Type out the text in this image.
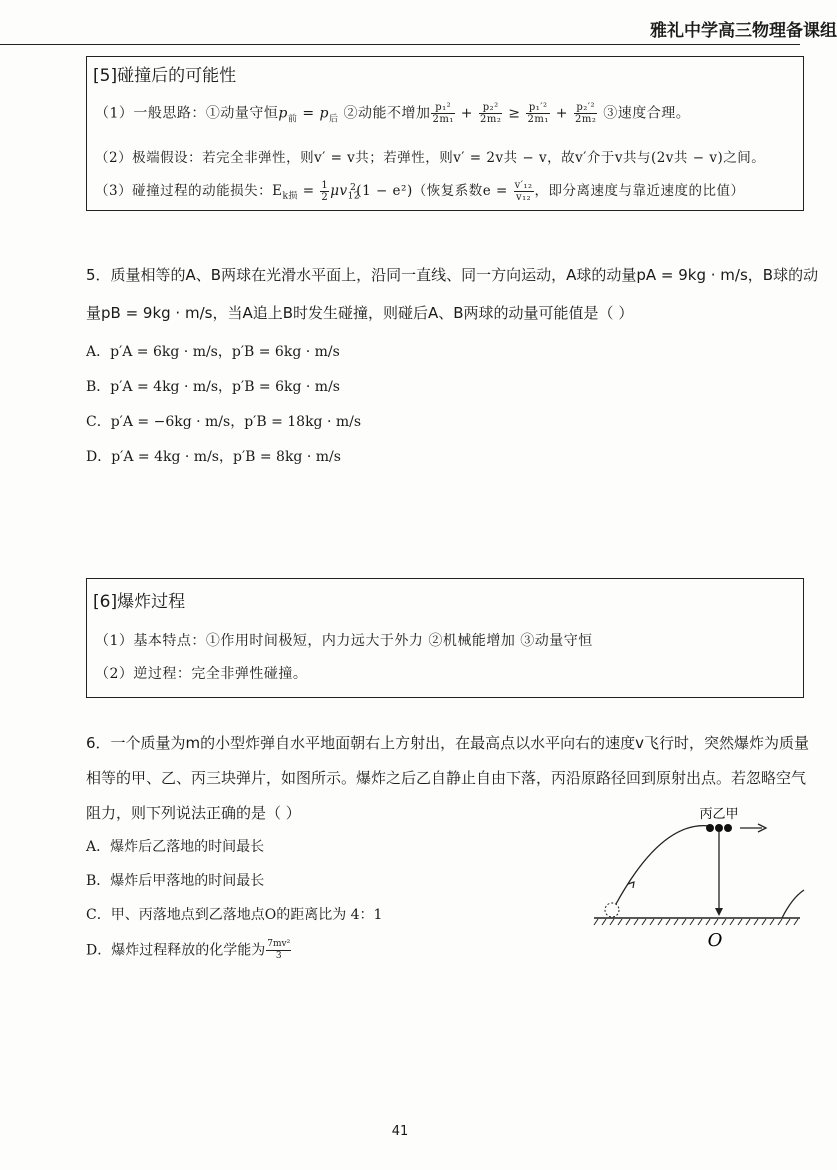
雅礼中学高三物理备课组
[5]碰撞后的可能性
（1）一般思路：①动量守恒$p_前 = p_后$ ②动能不增加 $\frac{\text{p₁²}}{\text{2m₁}} + \frac{\text{p₂²}}{\text{2m₂}} \ge \frac{\text{p₁′²}}{\text{2m₁}} + \frac{\text{p₂′²}}{\text{2m₂}}$ ③速度合理。
（2）极端假设：若完全非弹性，则v′ = v共；若弹性，则v′ = 2v共 − v，故v′介于v共与(2v共 − v)之间。
（3）碰撞过程的动能损失：$E_{k损} = \frac{1}{2} \mu v_{12}^2(1 - e^2)$（恢复系数$e = \frac{\text{v′₁₂}}{\text{v₁₂}}$ ，即分离速度与靠近速度的比值）
5．质量相等的A、B两球在光滑水平面上，沿同一直线、同一方向运动，A球的动量pA = 9kg · m/s，B球的动
量pB = 9kg · m/s，当A追上B时发生碰撞，则碰后A、B两球的动量可能值是（ ）
A．p′A = 6kg · m/s，p′B = 6kg · m/s
B．p′A = 4kg · m/s，p′B = 6kg · m/s
C．p′A = −6kg · m/s，p′B = 18kg · m/s
D．p′A = 4kg · m/s，p′B = 8kg · m/s
[6]爆炸过程
（1）基本特点：①作用时间极短，内力远大于外力 ②机械能增加 ③动量守恒
（2）逆过程：完全非弹性碰撞。
6．一个质量为m的小型炸弹自水平地面朝右上方射出，在最高点以水平向右的速度v飞行时，突然爆炸为质量
相等的甲、乙、丙三块弹片，如图所示。爆炸之后乙自静止自由下落，丙沿原路径回到原射出点。若忽略空气
阻力，则下列说法正确的是（ ）
A．爆炸后乙落地的时间最长
B．爆炸后甲落地的时间最长
C．甲、丙落地点到乙落地点O的距离比为 4：1
D．爆炸过程释放的化学能为 $\frac{\text{7mv²}}{3}$
丙乙甲
O
41
